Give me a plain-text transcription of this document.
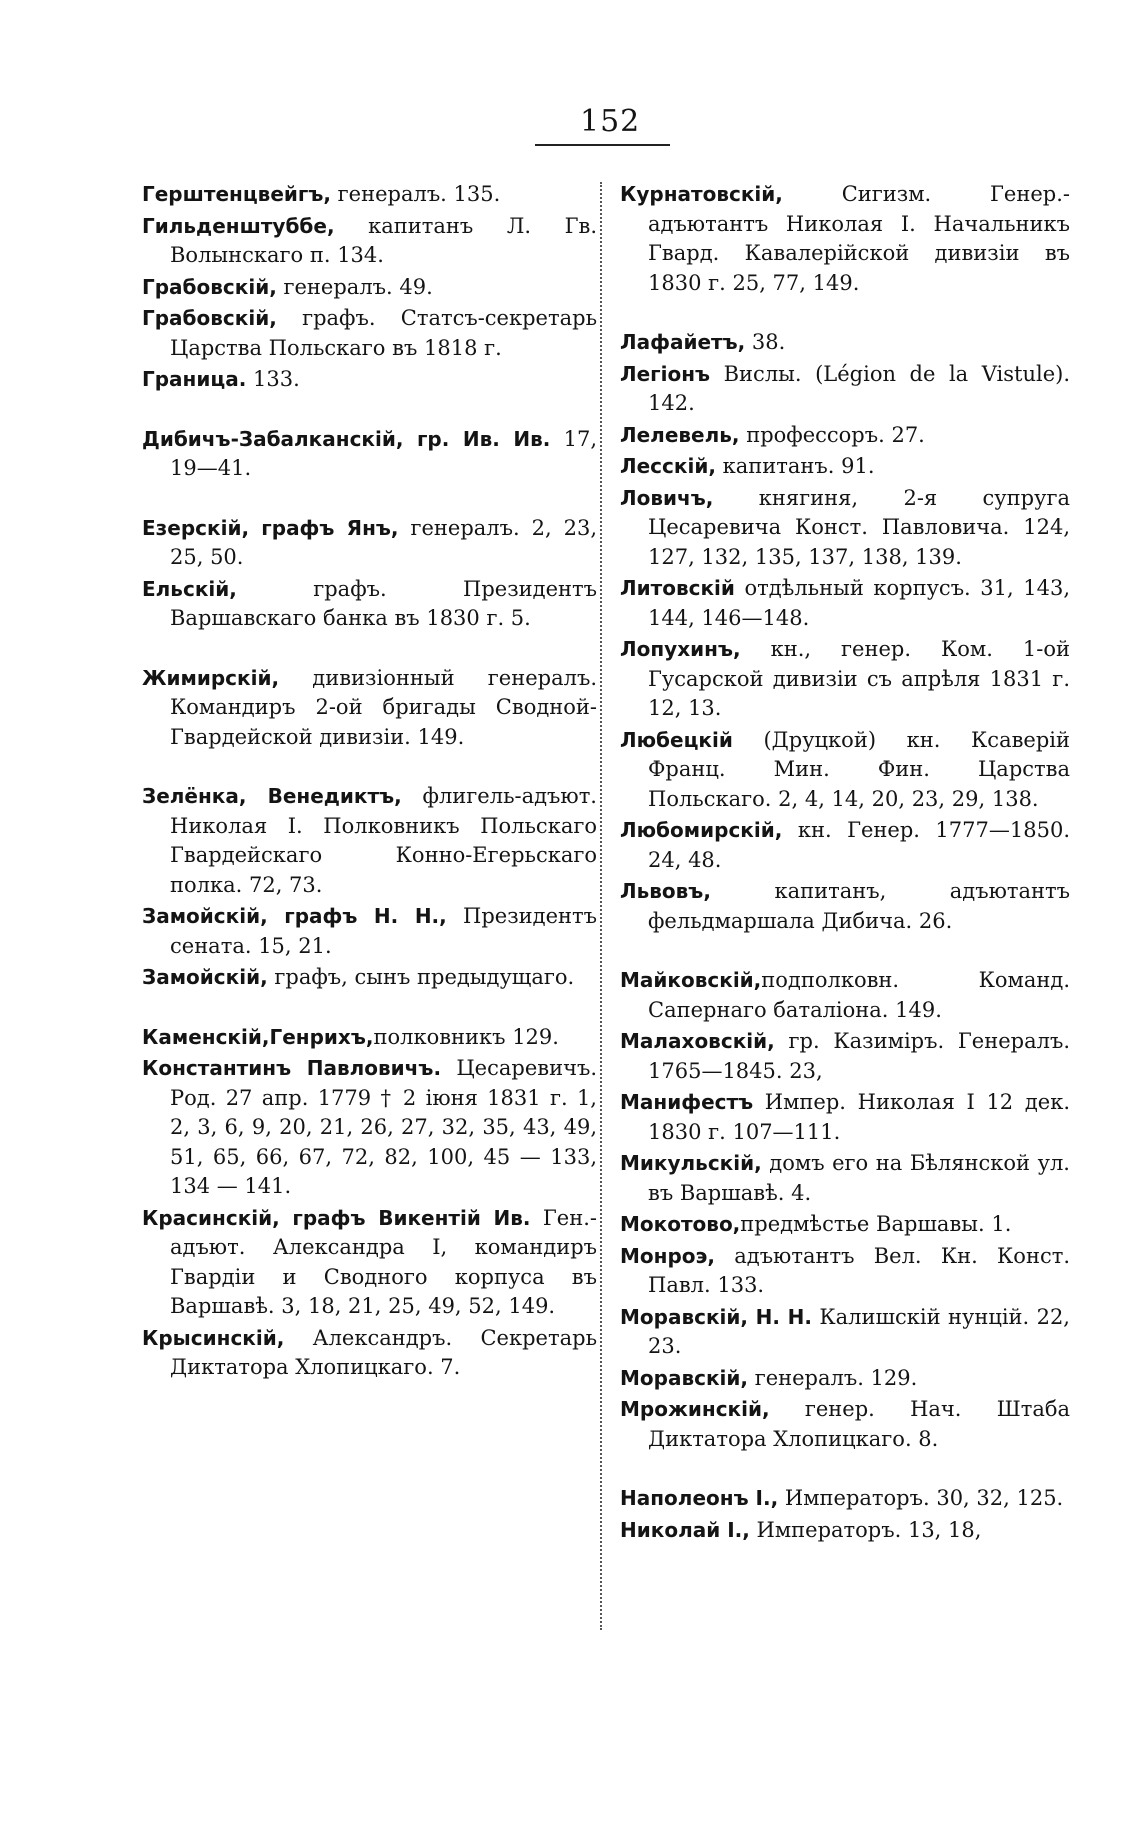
152

Герштенцвейгъ, генералъ. 135.

Гильденштуббе, капитанъ Л. Гв. Волынскаго п. 134.

Грабовскій, генералъ. 49.

Грабовскій, графъ. Статсъ-секретарь Царства Польскаго въ 1818 г.

Граница. 133.

Дибичъ-Забалканскій, гр. Ив. Ив. 17, 19—41.

Езерскій, графъ Янъ, генералъ. 2, 23, 25, 50.

Ельскій, графъ. Президентъ Варшавскаго банка въ 1830 г. 5.

Жимирскій, дивизіонный генералъ. Командиръ 2-ой бригады Сводной-Гвардейской дивизіи. 149.

Зелёнка, Венедиктъ, флигель-адъют. Николая I. Полковникъ Польскаго Гвардейскаго Конно-Егерьскаго полка. 72, 73.

Замойскій, графъ Н. Н., Президентъ сената. 15, 21.

Замойскій, графъ, сынъ предыдущаго.

Каменскій,Генрихъ,полковникъ 129.

Константинъ Павловичъ. Цесаревичъ. Род. 27 апр. 1779 † 2 іюня 1831 г. 1, 2, 3, 6, 9, 20, 21, 26, 27, 32, 35, 43, 49, 51, 65, 66, 67, 72, 82, 100, 45 — 133, 134 — 141.

Красинскій, графъ Викентій Ив. Ген.-адъют. Александра I, командиръ Гвардіи и Сводного корпуса въ Варшавѣ. 3, 18, 21, 25, 49, 52, 149.

Крысинскій, Александръ. Секретарь Диктатора Хлопицкаго. 7.

Курнатовскій, Сигизм. Генер.-адъютантъ Николая I. Начальникъ Гвард. Кавалерійской дивизіи въ 1830 г. 25, 77, 149.

Лафайетъ, 38.

Легіонъ Вислы. (Légion de la Vistule). 142.

Лелевель, профессоръ. 27.

Лесскій, капитанъ. 91.

Ловичъ, княгиня, 2-я супруга Цесаревича Конст. Павловича. 124, 127, 132, 135, 137, 138, 139.

Литовскій отдѣльный корпусъ. 31, 143, 144, 146—148.

Лопухинъ, кн., генер. Ком. 1-ой Гусарской дивизіи съ апрѣля 1831 г. 12, 13.

Любецкій (Друцкой) кн. Ксаверій Франц. Мин. Фин. Царства Польскаго. 2, 4, 14, 20, 23, 29, 138.

Любомирскій, кн. Генер. 1777—1850. 24, 48.

Львовъ, капитанъ, адъютантъ фельдмаршала Дибича. 26.

Майковскій,подполковн. Команд. Сапернаго баталіона. 149.

Малаховскій, гр. Казиміръ. Генералъ. 1765—1845. 23,

Манифестъ Импер. Николая I 12 дек. 1830 г. 107—111.

Микульскій, домъ его на Бѣлянской ул. въ Варшавѣ. 4.

Мокотово,предмѣстье Варшавы. 1.

Монроэ, адъютантъ Вел. Кн. Конст. Павл. 133.

Моравскій, Н. Н. Калишскій нунцій. 22, 23.

Моравскій, генералъ. 129.

Мрожинскій, генер. Нач. Штаба Диктатора Хлопицкаго. 8.

Наполеонъ I., Императоръ. 30, 32, 125.

Николай I., Императоръ. 13, 18,
